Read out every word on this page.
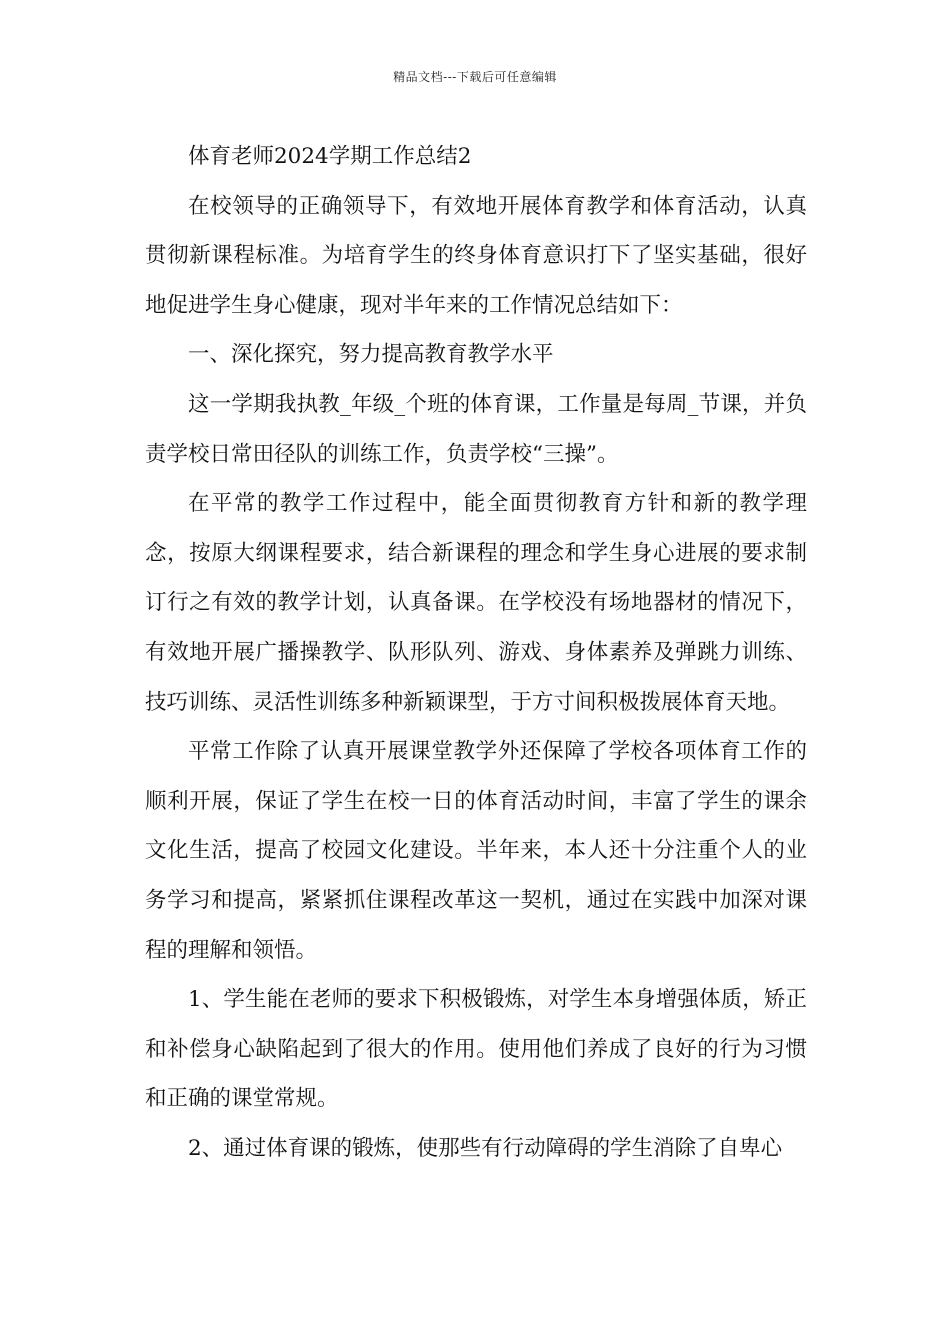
精品文档---下载后可任意编辑

体育老师2024学期工作总结2

在校领导的正确领导下，有效地开展体育教学和体育活动，认真贯彻新课程标准。为培育学生的终身体育意识打下了坚实基础，很好地促进学生身心健康，现对半年来的工作情况总结如下：

一、深化探究，努力提高教育教学水平

这一学期我执教_年级_个班的体育课，工作量是每周_节课，并负责学校日常田径队的训练工作，负责学校“三操”。

在平常的教学工作过程中，能全面贯彻教育方针和新的教学理念，按原大纲课程要求，结合新课程的理念和学生身心进展的要求制订行之有效的教学计划，认真备课。在学校没有场地器材的情况下，有效地开展广播操教学、队形队列、游戏、身体素养及弹跳力训练、技巧训练、灵活性训练多种新颖课型，于方寸间积极拨展体育天地。

平常工作除了认真开展课堂教学外还保障了学校各项体育工作的顺利开展，保证了学生在校一日的体育活动时间，丰富了学生的课余文化生活，提高了校园文化建设。半年来，本人还十分注重个人的业务学习和提高，紧紧抓住课程改革这一契机，通过在实践中加深对课程的理解和领悟。

1、学生能在老师的要求下积极锻炼，对学生本身增强体质，矫正和补偿身心缺陷起到了很大的作用。使用他们养成了良好的行为习惯和正确的课堂常规。

2、通过体育课的锻炼，使那些有行动障碍的学生消除了自卑心
